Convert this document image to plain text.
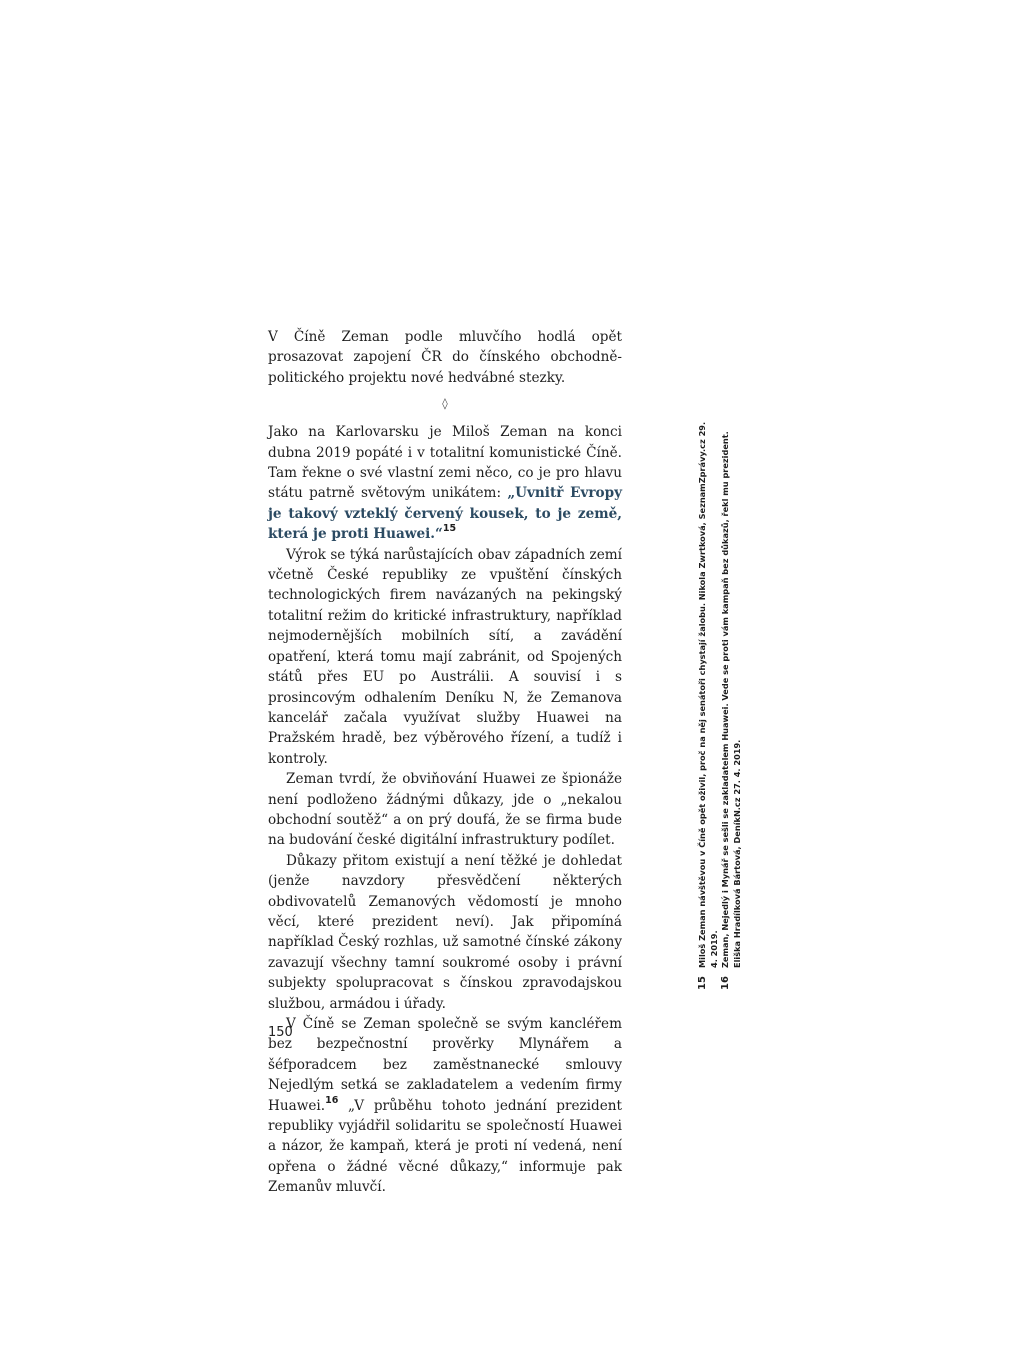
V Číně Zeman podle mluvčího hodlá opět prosazovat zapojení ČR do čínského obchodně-politického projektu nové hedvábné stezky.

◊

Jako na Karlovarsku je Miloš Zeman na konci dubna 2019 popáté i v totalitní komunistické Číně. Tam řekne o své vlastní zemi něco, co je pro hlavu státu patrně světovým unikátem: „Uvnitř Evropy je takový vzteklý červený kousek, to je země, která je proti Huawei.“$^{15}$

Výrok se týká narůstajících obav západních zemí včetně České republiky ze vpuštění čínských technologických firem navázaných na pekingský totalitní režim do kritické infrastruktury, například nejmodernějších mobilních sítí, a zavádění opatření, která tomu mají zabránit, od Spojených států přes EU po Austrálii. A souvisí i s prosincovým odhalením Deníku N, že Zemanova kancelář začala využívat služby Huawei na Pražském hradě, bez výběrového řízení, a tudíž i kontroly.

Zeman tvrdí, že obviňování Huawei ze špionáže není podloženo žádnými důkazy, jde o „nekalou obchodní soutěž“ a on prý doufá, že se firma bude na budování české digitální infrastruktury podílet.

Důkazy přitom existují a není těžké je dohledat (jenže navzdory přesvědčení některých obdivovatelů Zemanových vědomostí je mnoho věcí, které prezident neví). Jak připomíná například Český rozhlas, už samotné čínské zákony zavazují všechny tamní soukromé osoby i právní subjekty spolupracovat s čínskou zpravodajskou službou, armádou i úřady.

V Číně se Zeman společně se svým kancléřem bez bezpečnostní prověrky Mlynářem a šéfporadcem bez zaměstnanecké smlouvy Nejedlým setká se zakladatelem a vedením firmy Huawei.$^{16}$ „V průběhu tohoto jednání prezident republiky vyjádřil solidaritu se společností Huawei a názor, že kampaň, která je proti ní vedená, není opřena o žádné věcné důkazy,“ informuje pak Zemanův mluvčí.

150
15
Miloš Zeman návštěvou v Číně opět oživil, proč na něj senátoři chystají žalobu. Nikola Zwrtková, SeznamZprávy.cz 29. 4. 2019.
16
Zeman, Nejedlý i Mynář se sešli se zakladatelem Huawei. Vede se proti vám kampaň bez důkazů, řekl mu prezident. Eliška Hradílková Bártová, DeníkN.cz 27. 4. 2019.
